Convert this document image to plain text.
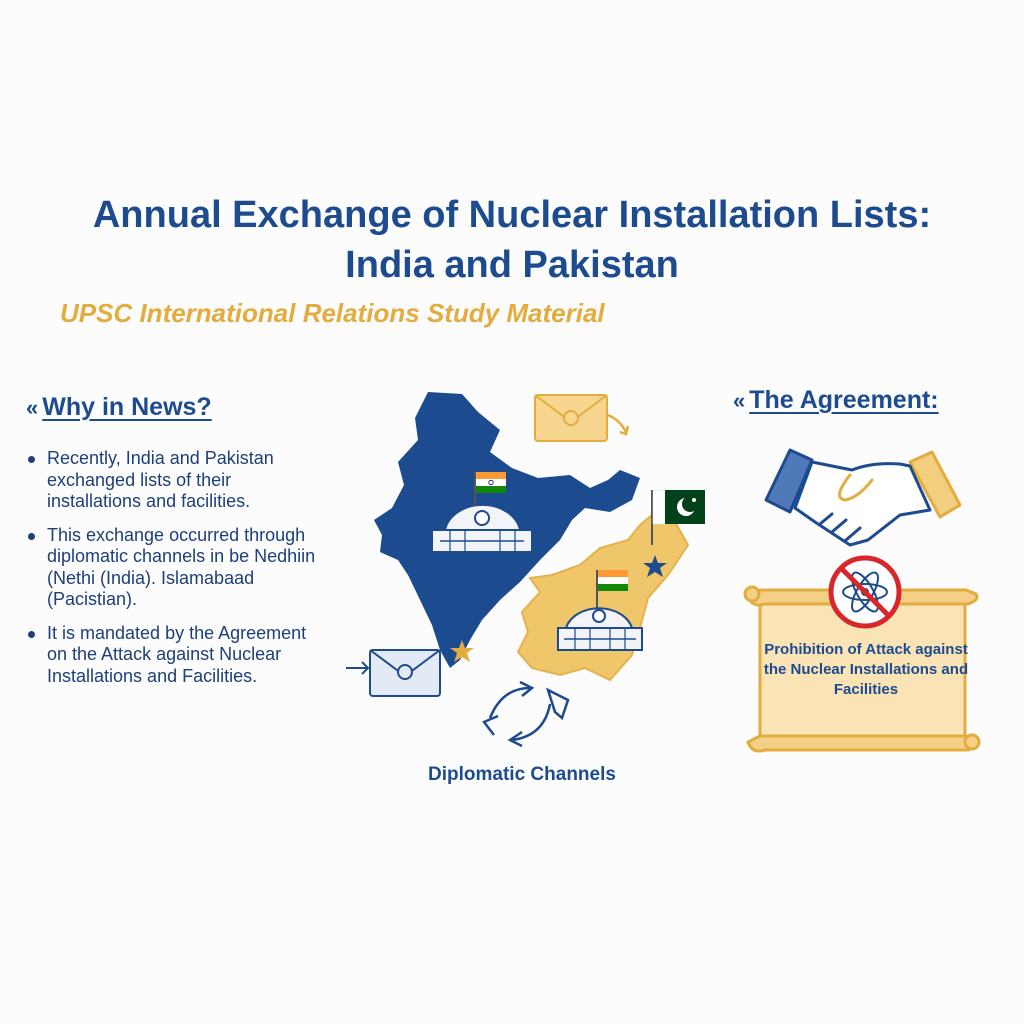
Annual Exchange of Nuclear Installation Lists:
India and Pakistan
UPSC International Relations Study Material
« Why in News?
Recently, India and Pakistan exchanged lists of their installations and facilities.
This exchange occurred through diplomatic channels in be Nedhiin (Nethi (India). Islamabaad (Pacistian).
It is mandated by the Agreement on the Attack against Nuclear Installations and Facilities.
« The Agreement:
Prohibition of Attack against the Nuclear Installations and Facilities
Diplomatic Channels
